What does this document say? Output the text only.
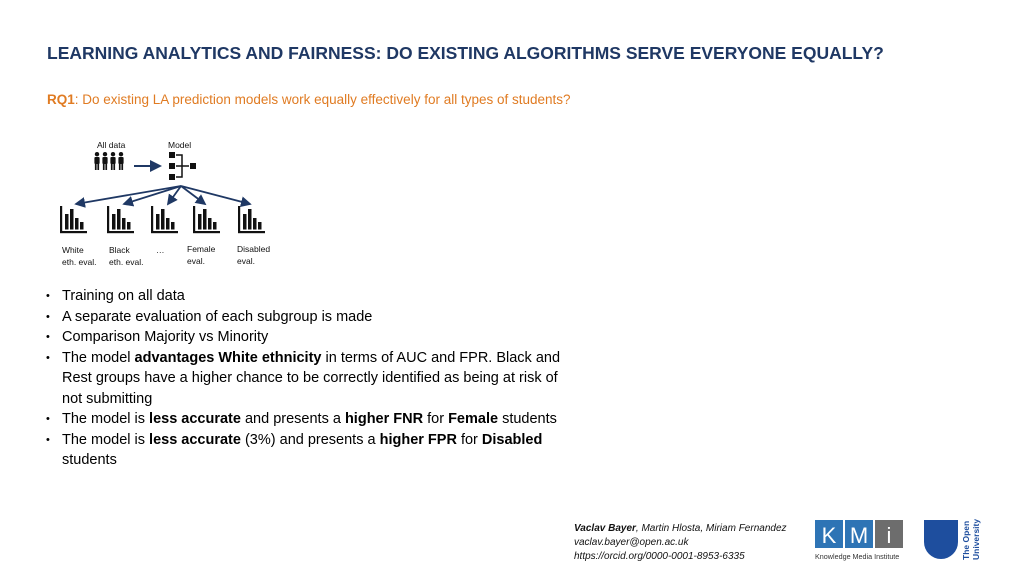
LEARNING ANALYTICS AND FAIRNESS: DO EXISTING ALGORITHMS SERVE EVERYONE EQUALLY?
RQ1: Do existing LA prediction models work equally effectively for all types of students?
All data	Model
White
eth. eval.
Black
eth. eval.
…	Female
eval.
Disabled
eval.
• Training on all data
• A separate evaluation of each subgroup is made
• Comparison Majority vs Minority
• The model advantages White ethnicity in terms of AUC and FPR. Black and Rest groups have a higher chance to be correctly identified as being at risk of not submitting
• The model is less accurate and presents a higher FNR for Female students
• The model is less accurate (3%) and presents a higher FPR for Disabled students
Vaclav Bayer, Martin Hlosta, Miriam Fernandez
vaclav.bayer@open.ac.uk
https://orcid.org/0000-0001-8953-6335
K M i
Knowledge Media Institute	The Open University
